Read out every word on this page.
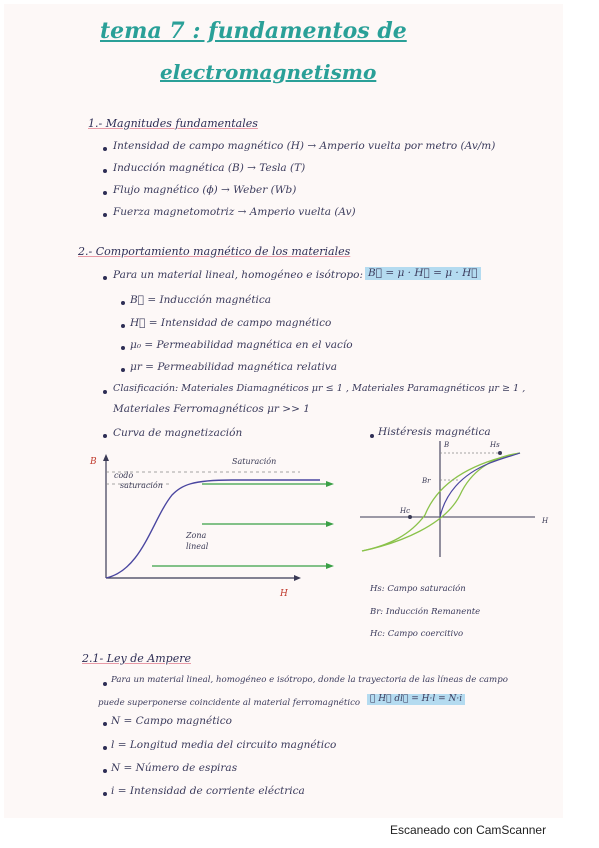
tema 7 : fundamentos de
electromagnetismo
1.- Magnitudes fundamentales
Intensidad de campo magnético (H) → Amperio vuelta por metro (Av/m)
Inducción magnética (B) → Tesla (T)
Flujo magnético (ϕ) → Weber (Wb)
Fuerza magnetomotriz → Amperio vuelta (Av)
2.- Comportamiento magnético de los materiales
Para un material lineal, homogéneo e isótropo: B⃗ = μ · H⃗ = μ · H⃗
B⃗ = Inducción magnética
H⃗ = Intensidad de campo magnético
μ₀ = Permeabilidad magnética en el vacío
μr = Permeabilidad magnética relativa
Clasificación: Materiales Diamagnéticos μr ≤ 1 , Materiales Paramagnéticos μr ≥ 1 ,
Materiales Ferromagnéticos μr >> 1
Curva de magnetización	Histéresis magnética
B
H
Saturación
codo
saturación
Zona
lineal
B
H
Br
Hc
Hs
Hs: Campo saturación
Br: Inducción Remanente
Hc: Campo coercitivo
2.1- Ley de Ampere
Para un material lineal, homogéneo e isótropo, donde la trayectoria de las líneas de campo
puede superponerse coincidente al material ferromagnético	∮ H⃗ dl⃗ = H·l = N·i
N = Campo magnético
l = Longitud media del circuito magnético
N = Número de espiras
i = Intensidad de corriente eléctrica
Escaneado con CamScanner
